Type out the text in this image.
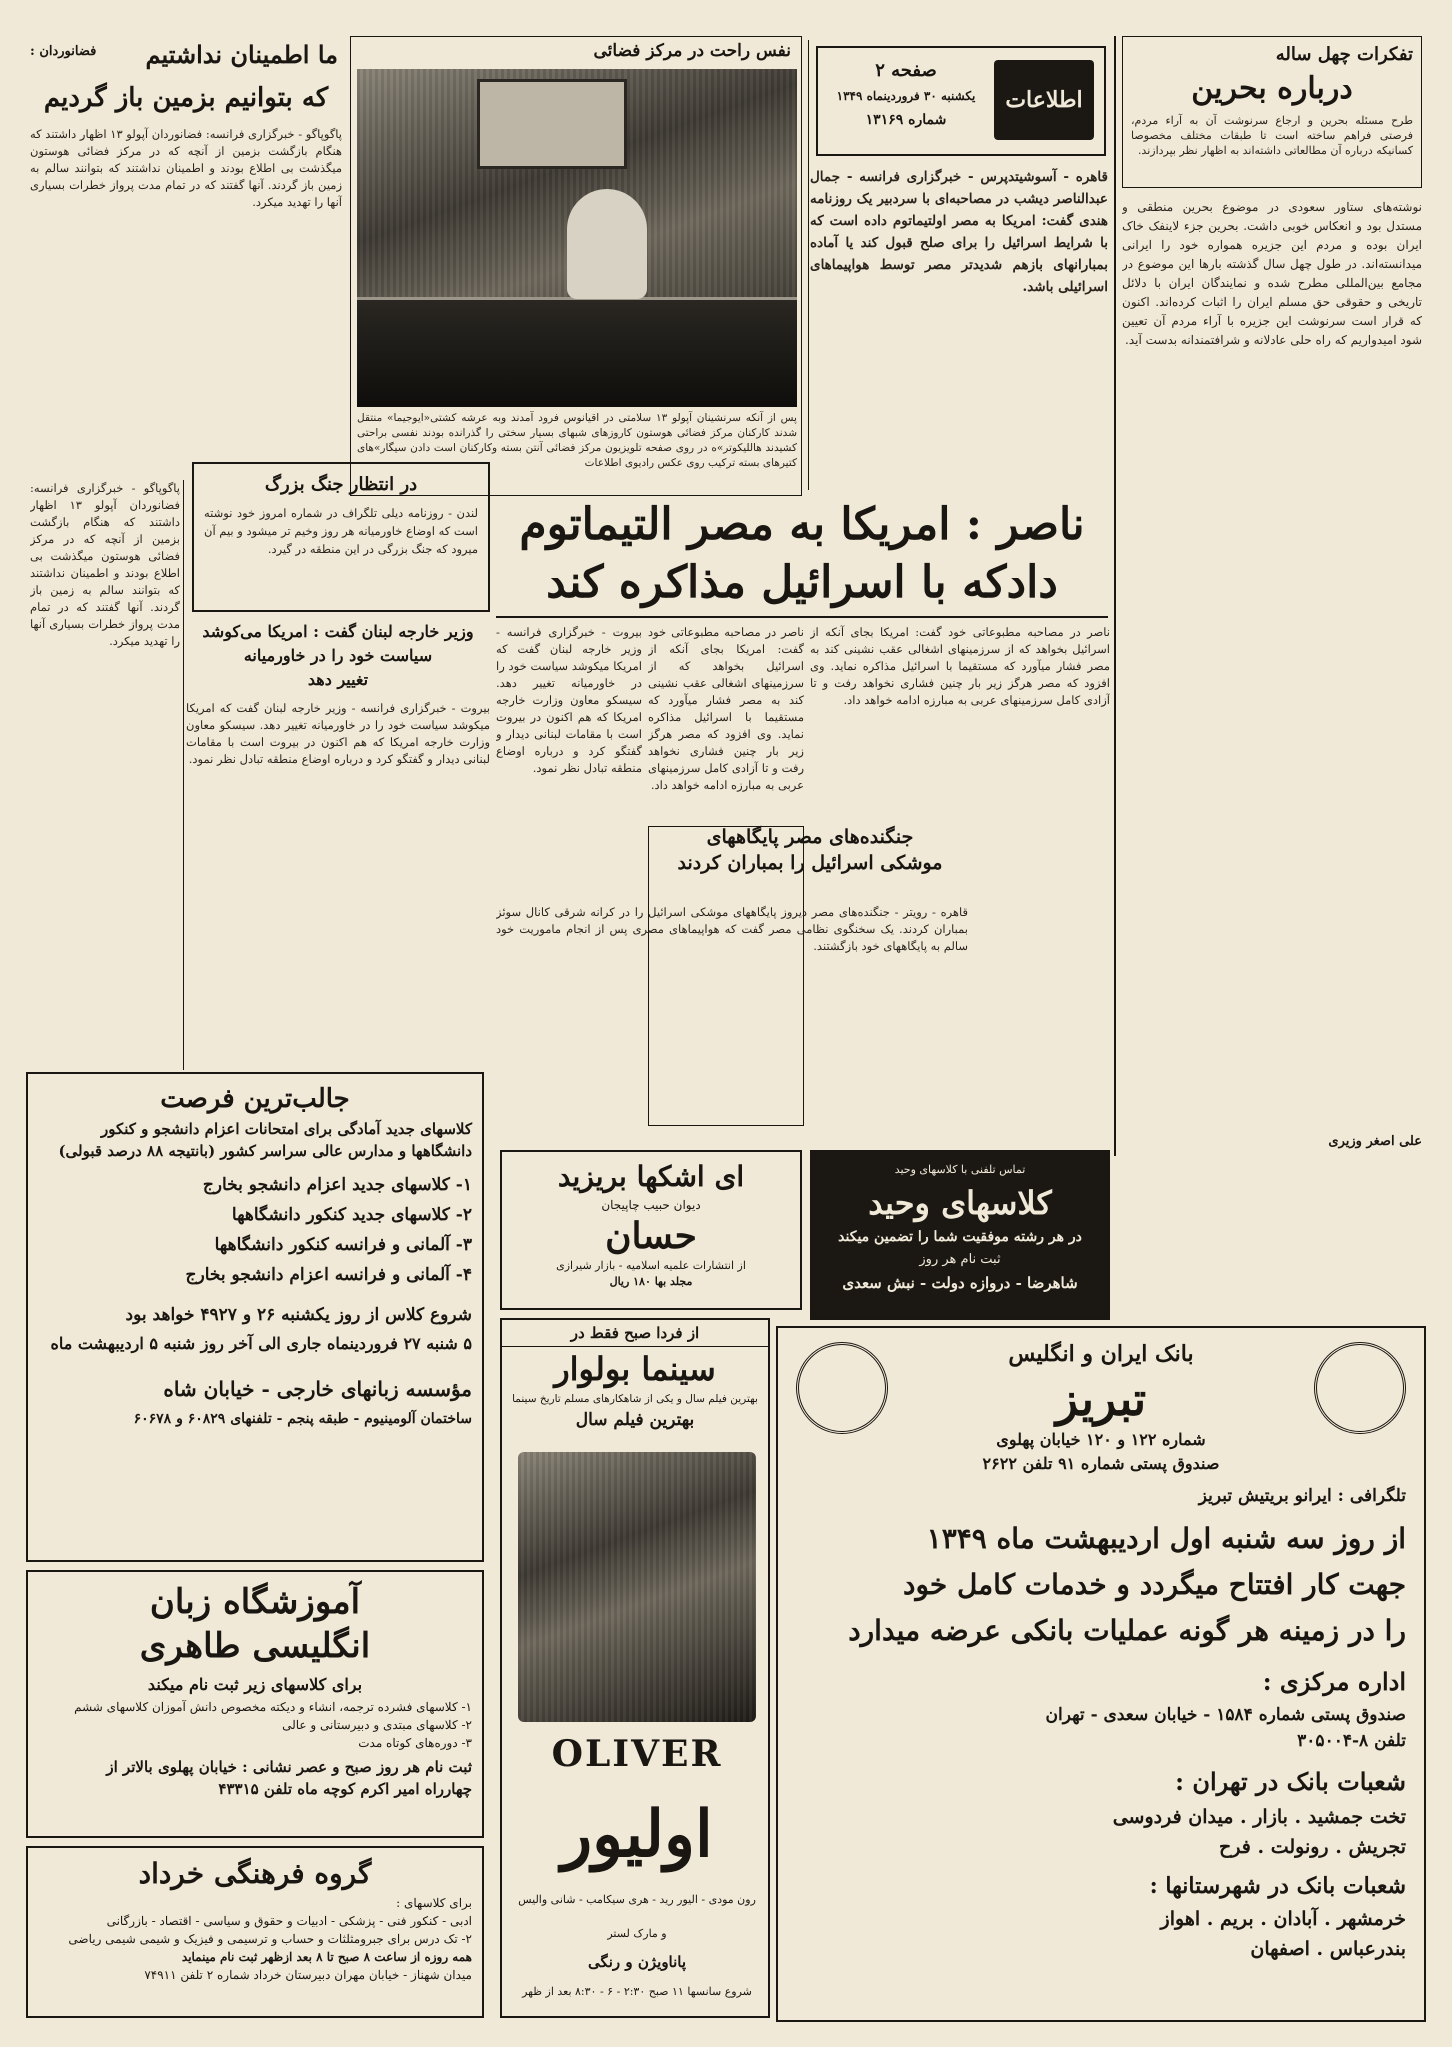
تفکرات چهل ساله
درباره بحرین
طرح مسئله بحرین و ارجاع سرنوشت آن به آراء مردم، فرصتی فراهم ساخته است تا طبقات مختلف مخصوصا کسانیکه درباره آن مطالعاتی داشته‌اند به اظهار نظر بپردازند.
نوشته‌های ستاور سعودی در موضوع بحرین منطقی و مستدل بود و انعکاس خوبی داشت. بحرین جزء لاینفک خاک ایران بوده و مردم این جزیره همواره خود را ایرانی میدانسته‌اند. در طول چهل سال گذشته بارها این موضوع در مجامع بین‌المللی مطرح شده و نمایندگان ایران با دلائل تاریخی و حقوقی حق مسلم ایران را اثبات کرده‌اند. اکنون که قرار است سرنوشت این جزیره با آراء مردم آن تعیین شود امیدواریم که راه حلی عادلانه و شرافتمندانه بدست آید.
علی اصغر وزیری
اطلاعات
صفحه ۲
یکشنبه ۳۰ فروردینماه ۱۳۴۹
شماره ۱۳۱۶۹
قاهره - آسوشیتدپرس - خبرگزاری فرانسه - جمال عبدالناصر دیشب در مصاحبه‌ای با سردبیر یک روزنامه هندی گفت: امریکا به مصر اولتیماتوم داده است که با شرایط اسرائیل را برای صلح قبول کند یا آماده بمبارانهای بازهم شدیدتر مصر توسط هواپیماهای اسرائیلی باشد.
نفس راحت در مرکز فضائی
پس از آنکه سرنشینان آپولو ۱۳ سلامتی در اقیانوس فرود آمدند وبه عرشه کشتی«ایوجیما» منتقل شدند کارکنان مرکز فضائی هوستون کاروزهای شبهای بسیار سختی را گذرانده بودند نفسی براحتی کشیدند هاللیکوتر»ه در روی صفحه تلویزیون مرکز فضائی آنتن بسته وکارکنان است دادن سیگار»های کتیرهای بسته ترکیب روی عکس رادیوی اطلاعات
فضانوردان : ما اطمینان نداشتیم
که بتوانیم بزمین باز گردیم
پاگوپاگو - خبرگزاری فرانسه: فضانوردان آپولو ۱۳ اظهار داشتند که هنگام بازگشت بزمین از آنچه که در مرکز فضائی هوستون میگذشت بی اطلاع بودند و اطمینان نداشتند که بتوانند سالم به زمین باز گردند. آنها گفتند که در تمام مدت پرواز خطرات بسیاری آنها را تهدید میکرد.
در انتظار جنگ بزرگ
لندن - روزنامه دیلی تلگراف در شماره امروز خود نوشته است که اوضاع خاورمیانه هر روز وخیم تر میشود و بیم آن میرود که جنگ بزرگی در این منطقه در گیرد. ناصر : امریکا به مصر التیماتوم
دادکه با اسرائیل مذاکره کند
ناصر در مصاحبه مطبوعاتی خود گفت: امریکا بجای آنکه از اسرائیل بخواهد که از سرزمینهای اشغالی عقب نشینی کند به مصر فشار میآورد که مستقیما با اسرائیل مذاکره نماید. وی افزود که مصر هرگز زیر بار چنین فشاری نخواهد رفت و تا آزادی کامل سرزمینهای عربی به مبارزه ادامه خواهد داد.
ناصر در مصاحبه مطبوعاتی خود گفت: امریکا بجای آنکه از اسرائیل بخواهد که از سرزمینهای اشغالی عقب نشینی کند به مصر فشار میآورد که مستقیما با اسرائیل مذاکره نماید. وی افزود که مصر هرگز زیر بار چنین فشاری نخواهد رفت و تا آزادی کامل سرزمینهای عربی به مبارزه ادامه خواهد داد.
جنگنده‌های مصر پایگاههای
موشکی اسرائیل را بمباران کردند
قاهره - رویتر - جنگنده‌های مصر دیروز پایگاههای موشکی اسرائیل را در کرانه شرقی کانال سوئز بمباران کردند. یک سخنگوی نظامی مصر گفت که هواپیماهای مصری پس از انجام ماموریت خود سالم به پایگاههای خود بازگشتند.
بیروت - خبرگزاری فرانسه - وزیر خارجه لبنان گفت که امریکا میکوشد سیاست خود را در خاورمیانه تغییر دهد. سیسکو معاون وزارت خارجه امریکا که هم اکنون در بیروت است با مقامات لبنانی دیدار و گفتگو کرد و درباره اوضاع منطقه تبادل نظر نمود.
وزیر خارجه لبنان گفت : امریکا می‌کوشد سیاست خود را در خاورمیانه
تغییر دهد
بیروت - خبرگزاری فرانسه - وزیر خارجه لبنان گفت که امریکا میکوشد سیاست خود را در خاورمیانه تغییر دهد. سیسکو معاون وزارت خارجه امریکا که هم اکنون در بیروت است با مقامات لبنانی دیدار و گفتگو کرد و درباره اوضاع منطقه تبادل نظر نمود.
پاگوپاگو - خبرگزاری فرانسه: فضانوردان آپولو ۱۳ اظهار داشتند که هنگام بازگشت بزمین از آنچه که در مرکز فضائی هوستون میگذشت بی اطلاع بودند و اطمینان نداشتند که بتوانند سالم به زمین باز گردند. آنها گفتند که در تمام مدت پرواز خطرات بسیاری آنها را تهدید میکرد.
جالب‌ترین فرصت
کلاسهای جدید آمادگی برای امتحانات اعزام دانشجو و کنکور
دانشگاهها و مدارس عالی سراسر کشور (بانتیجه ۸۸ درصد قبولی)
۱- کلاسهای جدید اعزام دانشجو بخارج
۲- کلاسهای جدید کنکور دانشگاهها
۳- آلمانی و فرانسه کنکور دانشگاهها
۴- آلمانی و فرانسه اعزام دانشجو بخارج
شروع کلاس از روز یکشنبه ۲۶ و ۴۹۲۷ خواهد بود
۵ شنبه ۲۷ فروردینماه جاری الی آخر روز شنبه ۵ اردیبهشت ماه
مؤسسه زبانهای خارجی - خیابان شاه
ساختمان آلومینیوم - طبقه پنجم - تلفنهای ۶۰۸۲۹ و ۶۰۶۷۸
آموزشگاه زبان
انگلیسی طاهری
برای کلاسهای زیر ثبت نام میکند
۱- کلاسهای فشرده ترجمه، انشاء و دیکته مخصوص دانش آموزان کلاسهای ششم
۲- کلاسهای مبتدی و دبیرستانی و عالی
۳- دوره‌های کوتاه مدت
ثبت نام هر روز صبح و عصر نشانی : خیابان پهلوی بالاتر از
چهارراه امیر اکرم کوچه ماه تلفن ۴۳۳۱۵
گروه فرهنگی خرداد
برای کلاسهای :
ادبی - کنکور فنی - پزشکی - ادبیات و حقوق و سیاسی - اقتصاد - بازرگانی
۲- تک درس برای جبرومثلثات و حساب و ترسیمی و فیزیک و شیمی شیمی ریاضی
همه روزه از ساعت ۸ صبح تا ۸ بعد ازظهر ثبت نام مینماید
میدان شهناز - خیابان مهران دبیرستان خرداد شماره ۲ تلفن ۷۴۹۱۱
ای اشکها بریزید
دیوان حبیب چاپیجان
حسان
از انتشارات علمیه اسلامیه - بازار شیرازی
مجلد بها ۱۸۰ ریال
تماس تلفنی با کلاسهای وحید
کلاسهای وحید
در هر رشته موفقیت شما را تضمین میکند
ثبت نام هر روز
شاهرضا - دروازه دولت - نبش سعدی
از فردا صبح فقط در
سینما بولوار
بهترین فیلم سال و یکی از شاهکارهای مسلم تاریخ سینما
بهترین فیلم سال
OLIVER
اولیور
رون مودی - الیور رید - هری سیکامب - شانی والیس
و مارک لستر
پاناویژن و رنگی
شروع سانسها ۱۱ صبح ۲:۳۰ - ۶ - ۸:۳۰ بعد از ظهر
بانک ایران و انگلیس
تبریز
شماره ۱۲۲ و ۱۲۰ خیابان پهلوی
صندوق پستی شماره ۹۱ تلفن ۲۶۲۲
تلگرافی : ایرانو بریتیش تبریز
از روز سه شنبه اول اردیبهشت ماه ۱۳۴۹
جهت کار افتتاح میگردد و خدمات کامل خود
را در زمینه هر گونه عملیات بانکی عرضه میدارد
اداره مرکزی :
صندوق پستی شماره ۱۵۸۴ - خیابان سعدی - تهران
تلفن ۸-۳۰۵۰۰۴
شعبات بانک در تهران :
تخت جمشید . بازار . میدان فردوسی
تجریش . رونولت . فرح
شعبات بانک در شهرستانها :
خرمشهر . آبادان . بریم . اهواز
بندرعباس . اصفهان
